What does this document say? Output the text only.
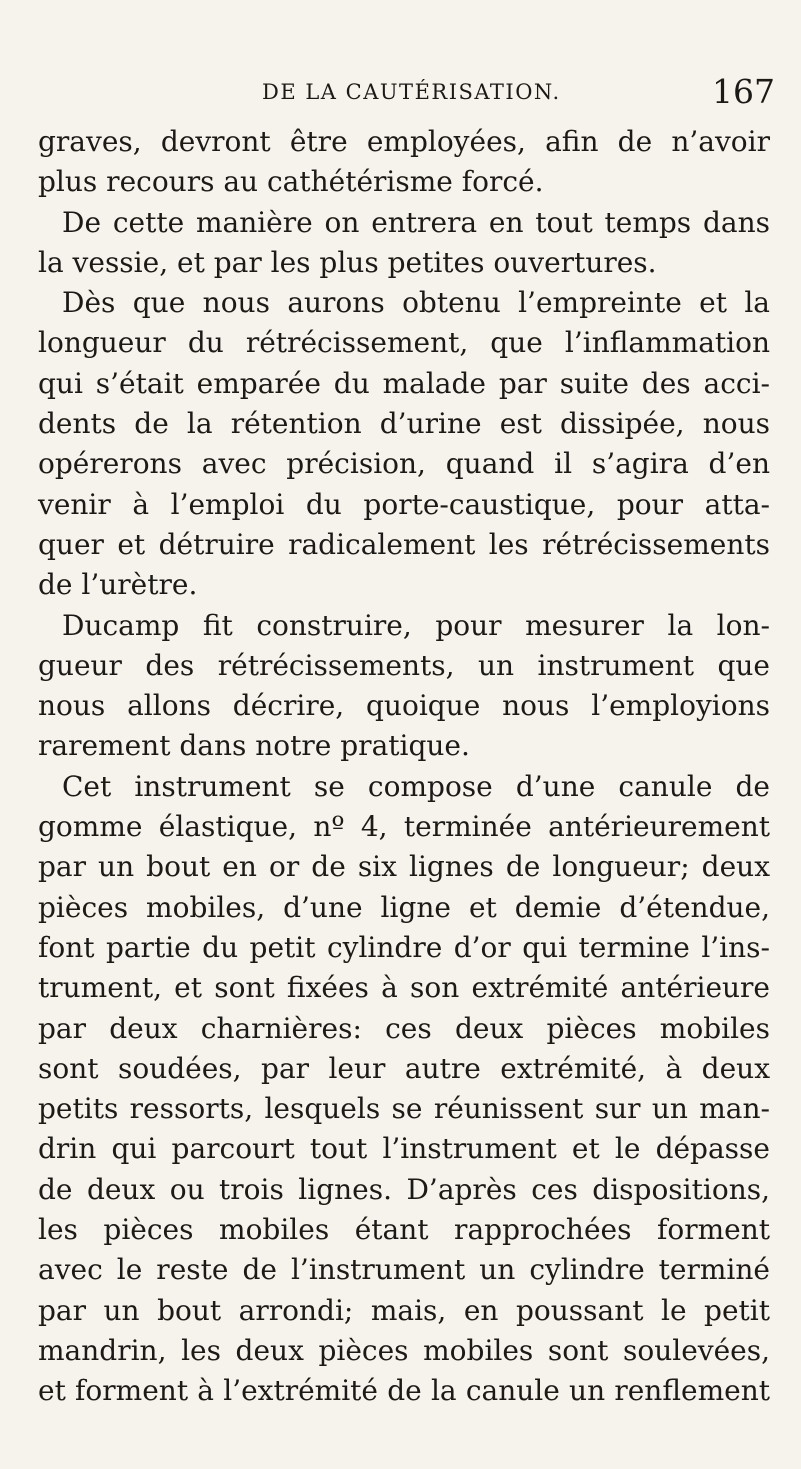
DE LA CAUTÉRISATION.	167
graves, devront être employées, afin de n’avoir
plus recours au cathétérisme forcé.
De cette manière on entrera en tout temps dans
la vessie, et par les plus petites ouvertures.
Dès que nous aurons obtenu l’empreinte et la
longueur du rétrécissement, que l’inflammation
qui s’était emparée du malade par suite des acci-
dents de la rétention d’urine est dissipée, nous
opérerons avec précision, quand il s’agira d’en
venir à l’emploi du porte-caustique, pour atta-
quer et détruire radicalement les rétrécissements
de l’urètre.
Ducamp fit construire, pour mesurer la lon-
gueur des rétrécissements, un instrument que
nous allons décrire, quoique nous l’employions
rarement dans notre pratique.
Cet instrument se compose d’une canule de
gomme élastique, nº 4, terminée antérieurement
par un bout en or de six lignes de longueur; deux
pièces mobiles, d’une ligne et demie d’étendue,
font partie du petit cylindre d’or qui termine l’ins-
trument, et sont fixées à son extrémité antérieure
par deux charnières: ces deux pièces mobiles
sont soudées, par leur autre extrémité, à deux
petits ressorts, lesquels se réunissent sur un man-
drin qui parcourt tout l’instrument et le dépasse
de deux ou trois lignes. D’après ces dispositions,
les pièces mobiles étant rapprochées forment
avec le reste de l’instrument un cylindre terminé
par un bout arrondi; mais, en poussant le petit
mandrin, les deux pièces mobiles sont soulevées,
et forment à l’extrémité de la canule un renflement
